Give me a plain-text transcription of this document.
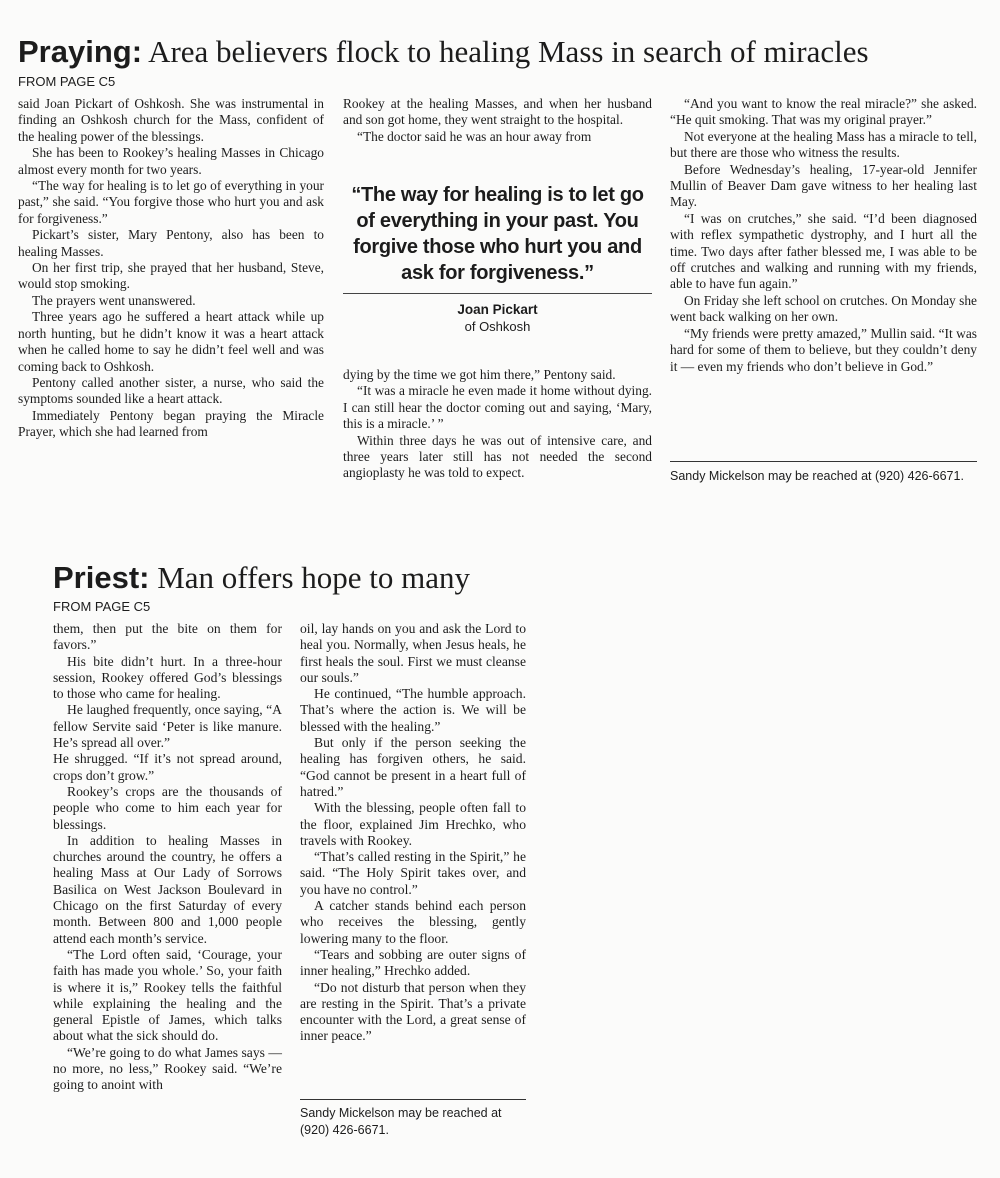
Praying: Area believers flock to healing Mass in search of miracles
FROM PAGE C5

said Joan Pickart of Oshkosh. She was instrumental in finding an Oshkosh church for the Mass, confident of the healing power of the blessings.

She has been to Rookey’s healing Masses in Chicago almost every month for two years.

“The way for healing is to let go of everything in your past,” she said. “You forgive those who hurt you and ask for forgiveness.”

Pickart’s sister, Mary Pentony, also has been to healing Masses.

On her first trip, she prayed that her husband, Steve, would stop smoking.

The prayers went unanswered.

Three years ago he suffered a heart attack while up north hunting, but he didn’t know it was a heart attack when he called home to say he didn’t feel well and was coming back to Oshkosh.

Pentony called another sister, a nurse, who said the symptoms sounded like a heart attack.

Immediately Pentony began praying the Miracle Prayer, which she had learned from

Rookey at the healing Masses, and when her husband and son got home, they went straight to the hospital.

“The doctor said he was an hour away from

“The way for healing is to let go of everything in your past. You forgive those who hurt you and ask for forgiveness.”
Joan Pickart
of Oshkosh

dying by the time we got him there,” Pentony said.

“It was a miracle he even made it home without dying. I can still hear the doctor coming out and saying, ‘Mary, this is a miracle.’ ”

Within three days he was out of intensive care, and three years later still has not needed the second angioplasty he was told to expect.

“And you want to know the real miracle?” she asked. “He quit smoking. That was my original prayer.”

Not everyone at the healing Mass has a miracle to tell, but there are those who witness the results.

Before Wednesday’s healing, 17-year-old Jennifer Mullin of Beaver Dam gave witness to her healing last May.

“I was on crutches,” she said. “I’d been diagnosed with reflex sympathetic dystrophy, and I hurt all the time. Two days after father blessed me, I was able to be off crutches and walking and running with my friends, able to have fun again.”

On Friday she left school on crutches. On Monday she went back walking on her own.

“My friends were pretty amazed,” Mullin said. “It was hard for some of them to believe, but they couldn’t deny it — even my friends who don’t believe in God.”

Sandy Mickelson may be reached at (920) 426-6671.
Priest: Man offers hope to many
FROM PAGE C5

them, then put the bite on them for favors.”

His bite didn’t hurt. In a three-hour session, Rookey offered God’s blessings to those who came for healing.

He laughed frequently, once saying, “A fellow Servite said ‘Peter is like manure. He’s spread all over.”

He shrugged. “If it’s not spread around, crops don’t grow.”

Rookey’s crops are the thousands of people who come to him each year for blessings.

In addition to healing Masses in churches around the country, he offers a healing Mass at Our Lady of Sorrows Basilica on West Jackson Boulevard in Chicago on the first Saturday of every month. Between 800 and 1,000 people attend each month’s service.

“The Lord often said, ‘Courage, your faith has made you whole.’ So, your faith is where it is,” Rookey tells the faithful while explaining the healing and the general Epistle of James, which talks about what the sick should do.

“We’re going to do what James says — no more, no less,” Rookey said. “We’re going to anoint with

oil, lay hands on you and ask the Lord to heal you. Normally, when Jesus heals, he first heals the soul. First we must cleanse our souls.”

He continued, “The humble approach. That’s where the action is. We will be blessed with the healing.”

But only if the person seeking the healing has forgiven others, he said. “God cannot be present in a heart full of hatred.”

With the blessing, people often fall to the floor, explained Jim Hrechko, who travels with Rookey.

“That’s called resting in the Spirit,” he said. “The Holy Spirit takes over, and you have no control.”

A catcher stands behind each person who receives the blessing, gently lowering many to the floor.

“Tears and sobbing are outer signs of inner healing,” Hrechko added.

“Do not disturb that person when they are resting in the Spirit. That’s a private encounter with the Lord, a great sense of inner peace.”

Sandy Mickelson may be reached at (920) 426-6671.
